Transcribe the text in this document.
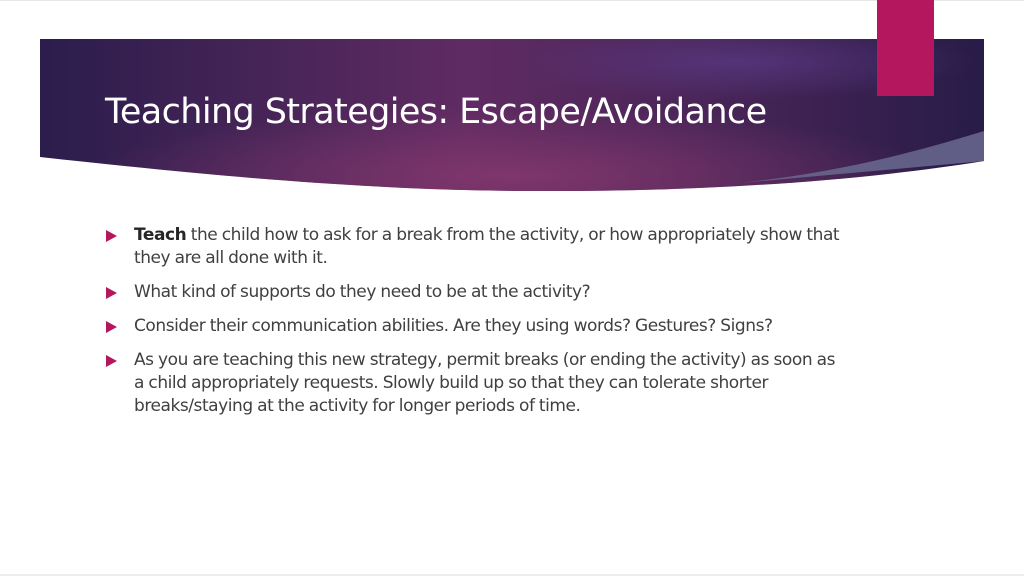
Teaching Strategies: Escape/Avoidance
Teach the child how to ask for a break from the activity, or how appropriately show that they are all done with it.
What kind of supports do they need to be at the activity?
Consider their communication abilities. Are they using words? Gestures? Signs?
As you are teaching this new strategy, permit breaks (or ending the activity) as soon as a child appropriately requests. Slowly build up so that they can tolerate shorter breaks/staying at the activity for longer periods of time.
